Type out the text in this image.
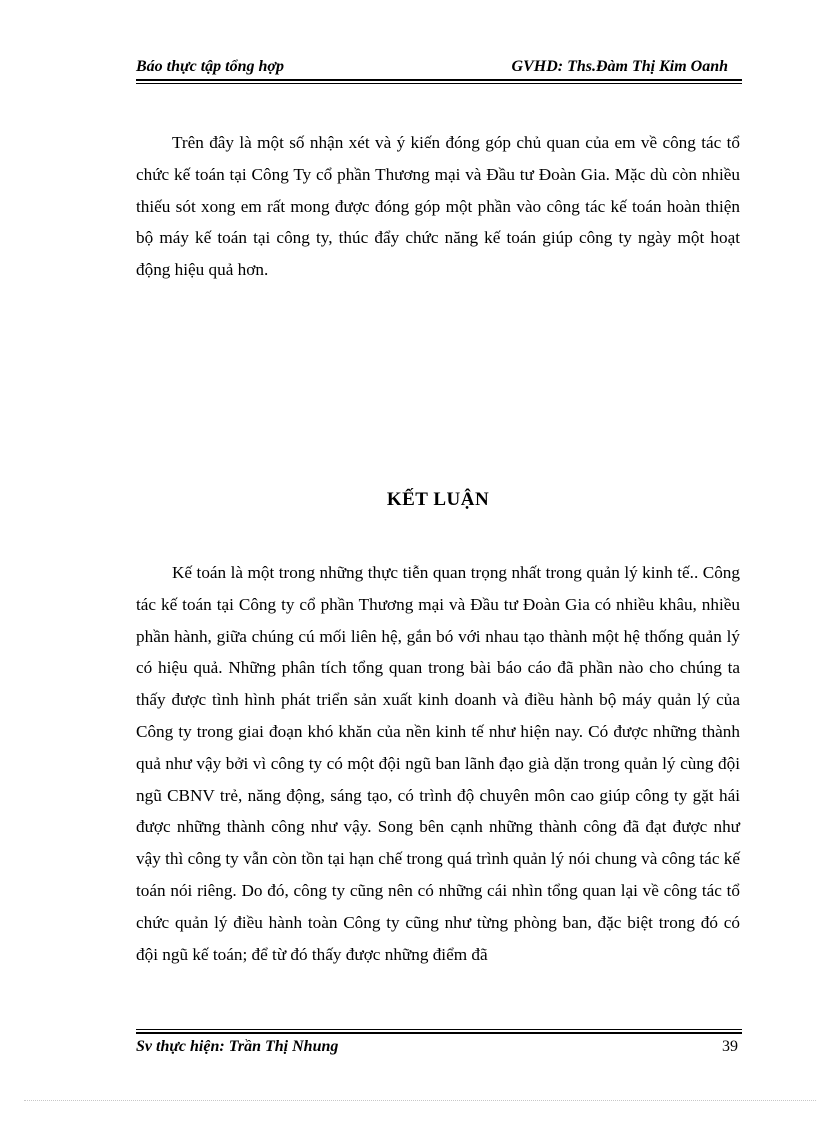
Báo thực tập tổng hợp	GVHD: Ths.Đàm Thị Kim Oanh

Trên đây là một số nhận xét và ý kiến đóng góp chủ quan của em về công tác tổ chức kế toán tại Công Ty cổ phần Thương mại và Đầu tư Đoàn Gia. Mặc dù còn nhiều thiếu sót xong em rất mong được đóng góp một phần vào công tác kế toán hoàn thiện bộ máy kế toán tại công ty, thúc đẩy chức năng kế toán giúp công ty ngày một hoạt động hiệu quả hơn.

KẾT LUẬN

Kế toán là một trong những thực tiễn quan trọng nhất trong quản lý kinh tế.. Công tác kế toán tại Công ty cổ phần Thương mại và Đầu tư Đoàn Gia có nhiều khâu, nhiều phần hành, giữa chúng cú mối liên hệ, gắn bó với nhau tạo thành một hệ thống quản lý có hiệu quả. Những phân tích tổng quan trong bài báo cáo đã phần nào cho chúng ta thấy được tình hình phát triển sản xuất kinh doanh và điều hành bộ máy quản lý của Công ty trong giai đoạn khó khăn của nền kinh tế như hiện nay. Có được những thành quả như vậy bởi vì công ty có một đội ngũ ban lãnh đạo già dặn trong quản lý cùng đội ngũ CBNV trẻ, năng động, sáng tạo, có trình độ chuyên môn cao giúp công ty gặt hái được những thành công như vậy. Song bên cạnh những thành công đã đạt được như vậy thì công ty vẫn còn tồn tại hạn chế trong quá trình quản lý nói chung và công tác kế toán nói riêng. Do đó, công ty cũng nên có những cái nhìn tổng quan lại về công tác tổ chức quản lý điều hành toàn Công ty cũng như từng phòng ban, đặc biệt trong đó có đội ngũ kế toán; để từ đó thấy được những điểm đã

Sv thực hiện: Trần Thị Nhung	39
